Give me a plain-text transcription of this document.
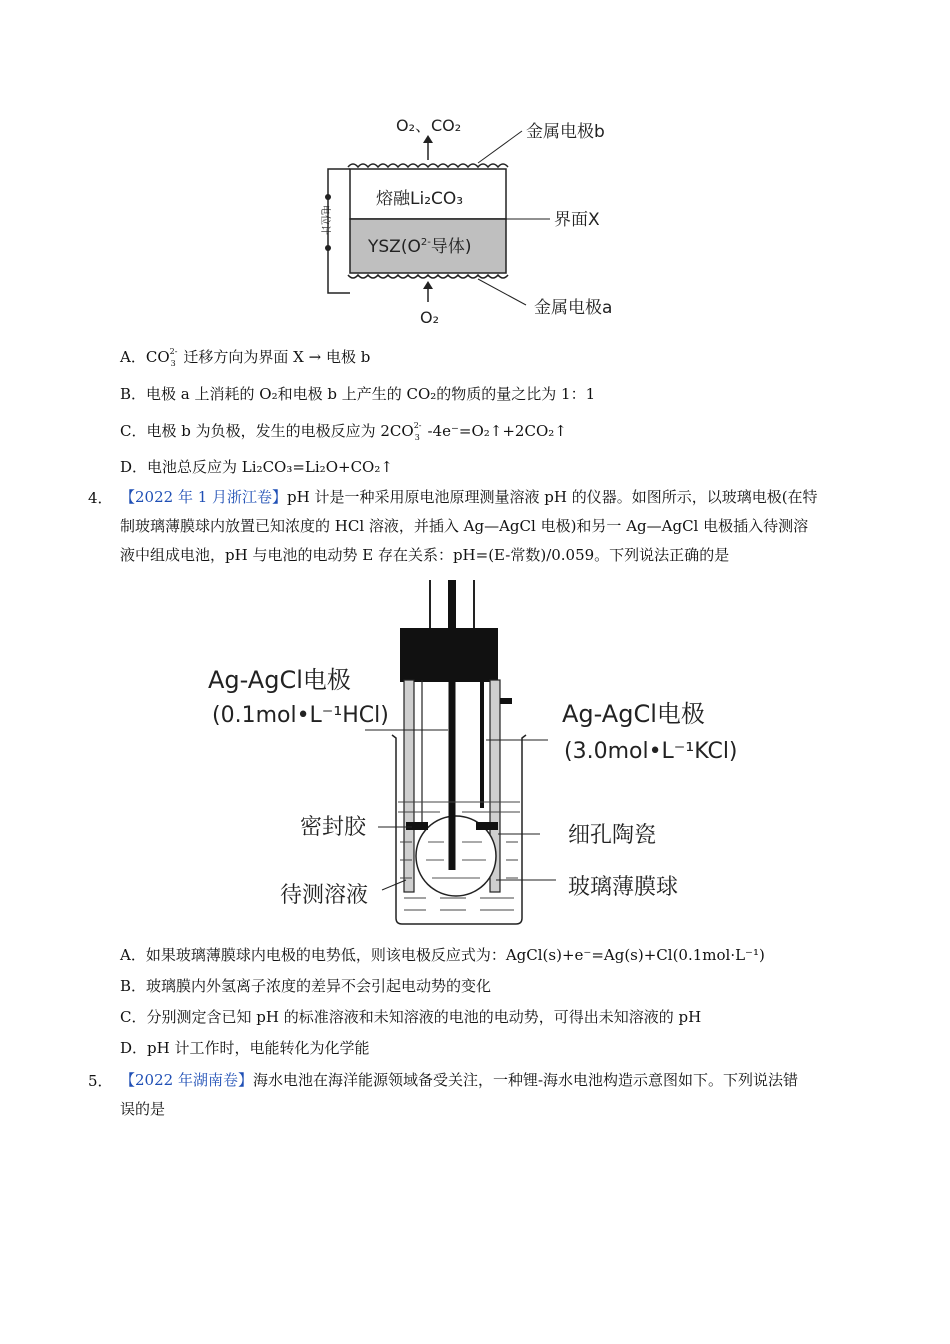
O₂、CO₂	金属电极b
熔融Li₂CO₃
界面X
$YSZ(O^{2-}$导体)
O₂	金属电极a
电位计
A．CO 2-
3 迁移方向为界面 X → 电极 b
B．电极 a 上消耗的 O₂和电极 b 上产生的 CO₂的物质的量之比为 1：1
C．电极 b 为负极，发生的电极反应为 2CO 2-
3 -4e⁻=O₂↑+2CO₂↑
D．电池总反应为 Li₂CO₃=Li₂O+CO₂↑
4． 【2022 年 1 月浙江卷】pH 计是一种采用原电池原理测量溶液 pH 的仪器。如图所示，以玻璃电极(在特
制玻璃薄膜球内放置已知浓度的 HCl 溶液，并插入 Ag—AgCl 电极)和另一 Ag—AgCl 电极插入待测溶
液中组成电池，pH 与电池的电动势 E 存在关系：pH=(E-常数)/0.059。下列说法正确的是
Ag-AgCl电极
(0.1mol•L⁻¹HCl)	Ag-AgCl电极
(3.0mol•L⁻¹KCl)
密封胶	细孔陶瓷
待测溶液	玻璃薄膜球
A．如果玻璃薄膜球内电极的电势低，则该电极反应式为：AgCl(s)+e⁻=Ag(s)+Cl(0.1mol·L⁻¹)
B．玻璃膜内外氢离子浓度的差异不会引起电动势的变化
C．分别测定含已知 pH 的标准溶液和未知溶液的电池的电动势，可得出未知溶液的 pH
D．pH 计工作时，电能转化为化学能
5． 【2022 年湖南卷】海水电池在海洋能源领域备受关注，一种锂-海水电池构造示意图如下。下列说法错
误的是
